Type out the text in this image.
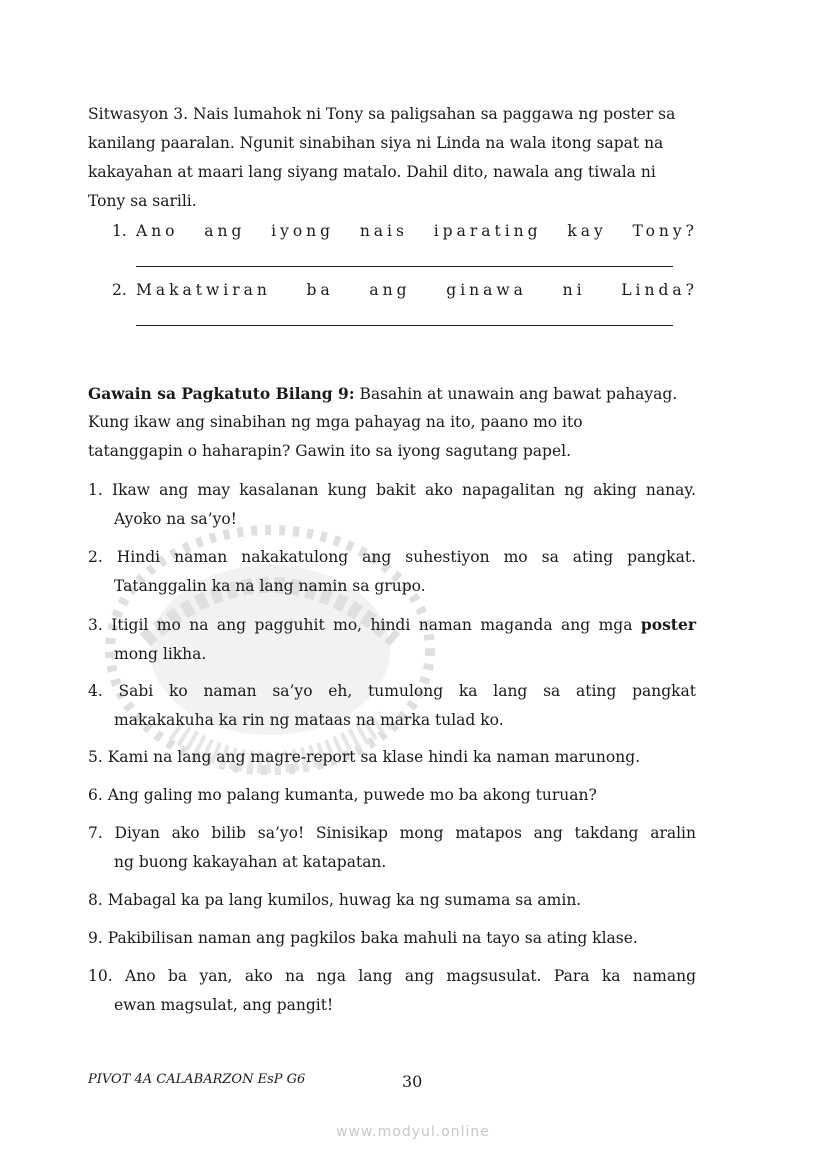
Sitwasyon 3. Nais lumahok ni Tony sa paligsahan sa paggawa ng poster sa
kanilang paaralan. Ngunit sinabihan siya ni Linda na wala itong sapat na
kakayahan at maari lang siyang matalo. Dahil dito, nawala ang tiwala ni
Tony sa sarili.
1. Ano ang iyong nais iparating kay Tony?
2. Makatwiran ba ang ginawa ni Linda?
Gawain sa Pagkatuto Bilang 9: Basahin at unawain ang bawat pahayag.
Kung ikaw ang sinabihan ng mga pahayag na ito, paano mo ito
tatanggapin o haharapin? Gawin ito sa iyong sagutang papel.
1. Ikaw ang may kasalanan kung bakit ako napagalitan ng aking nanay.
Ayoko na sa’yo!
2. Hindi naman nakakatulong ang suhestiyon mo sa ating pangkat.
Tatanggalin ka na lang namin sa grupo.
3. Itigil mo na ang pagguhit mo, hindi naman maganda ang mga poster
mong likha.
4. Sabi ko naman sa’yo eh, tumulong ka lang sa ating pangkat
makakakuha ka rin ng mataas na marka tulad ko.
5. Kami na lang ang magre-report sa klase hindi ka naman marunong.
6. Ang galing mo palang kumanta, puwede mo ba akong turuan?
7. Diyan ako bilib sa’yo! Sinisikap mong matapos ang takdang aralin
ng buong kakayahan at katapatan.
8. Mabagal ka pa lang kumilos, huwag ka ng sumama sa amin.
9. Pakibilisan naman ang pagkilos baka mahuli na tayo sa ating klase.
10. Ano ba yan, ako na nga lang ang magsusulat. Para ka namang
ewan magsulat, ang pangit!
PIVOT 4A CALABARZON EsP G6	30
www.modyul.online
